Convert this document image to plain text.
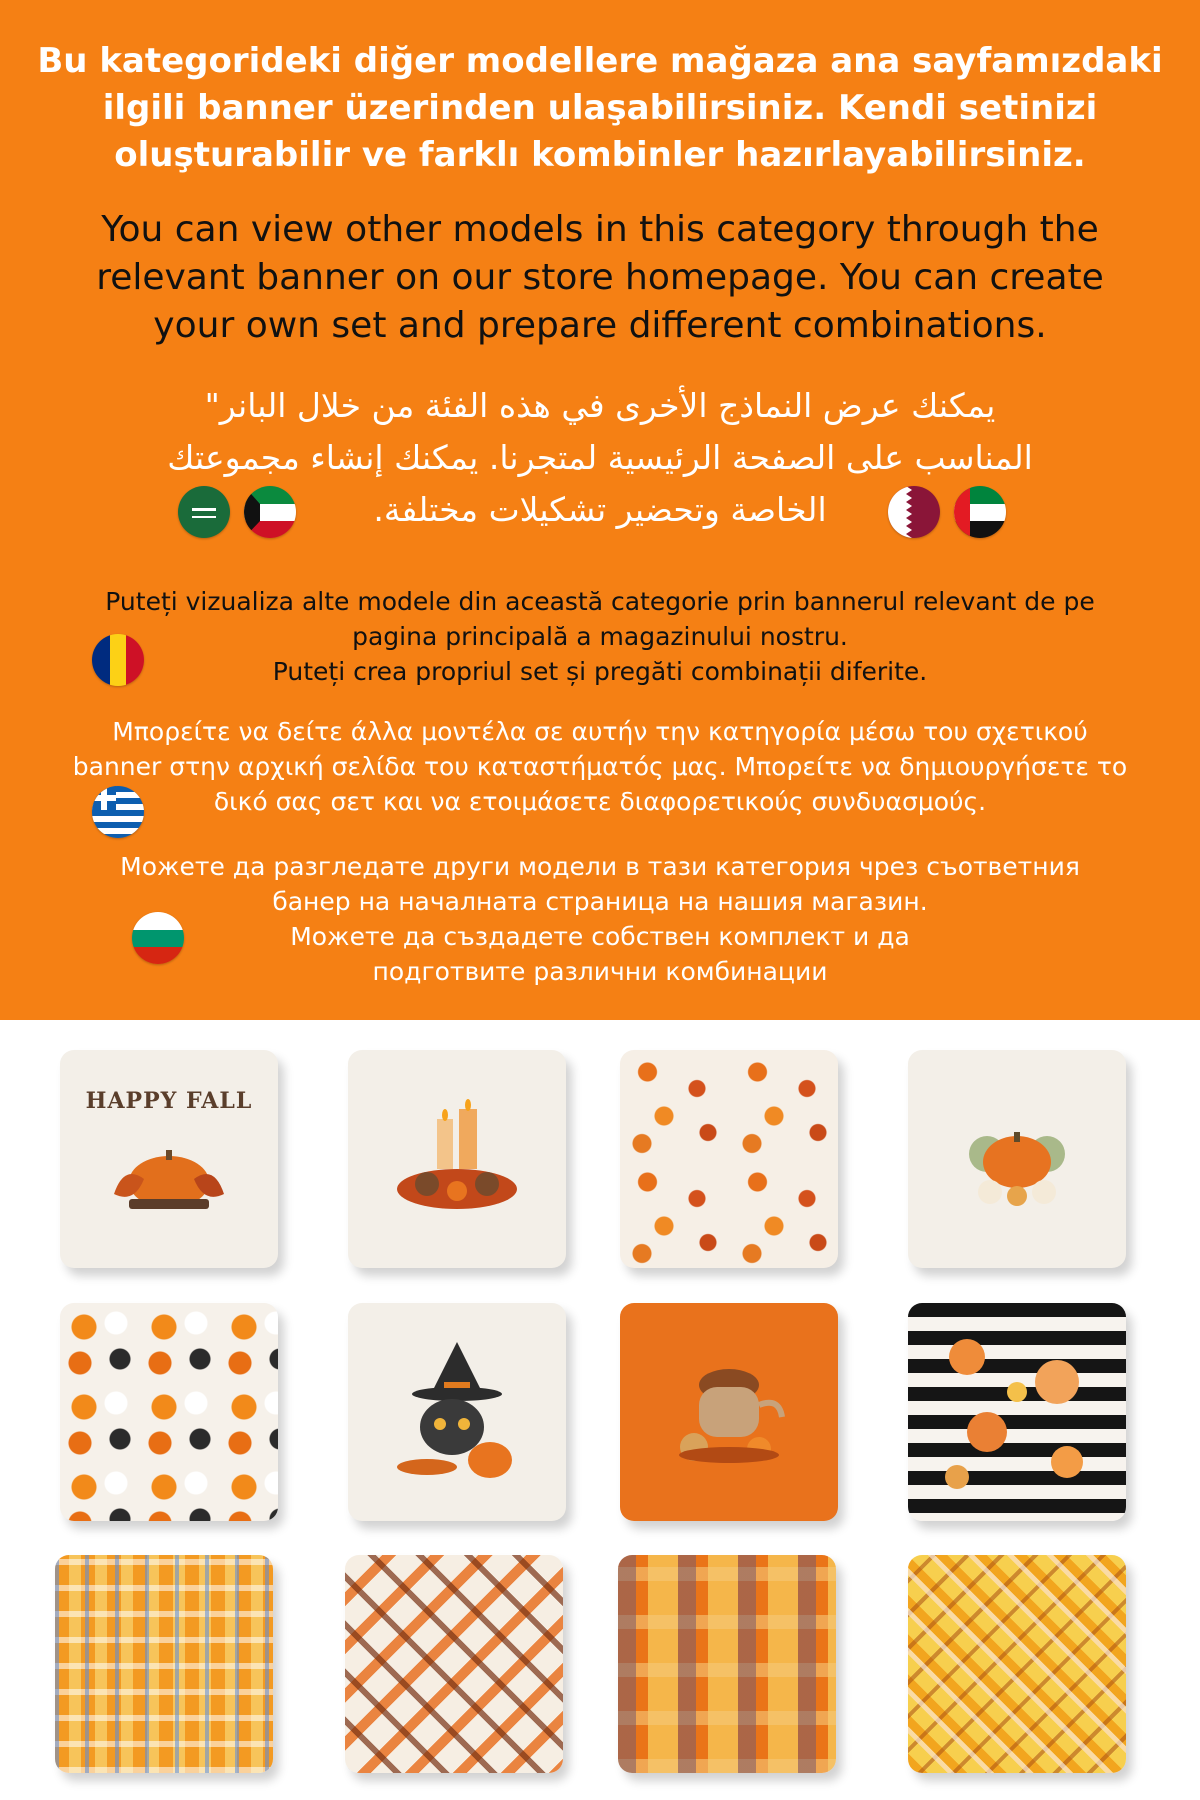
Bu kategorideki diğer modellere mağaza ana sayfamızdaki
ilgili banner üzerinden ulaşabilirsiniz. Kendi setinizi
oluşturabilir ve farklı kombinler hazırlayabilirsiniz.
You can view other models in this category through the
relevant banner on our store homepage. You can create
your own set and prepare different combinations.
يمكنك عرض النماذج الأخرى في هذه الفئة من خلال البانر"
المناسب على الصفحة الرئيسية لمتجرنا. يمكنك إنشاء مجموعتك
الخاصة وتحضير تشكيلات مختلفة.
Puteți vizualiza alte modele din această categorie prin bannerul relevant de pe
pagina principală a magazinului nostru.
Puteți crea propriul set și pregăti combinații diferite.
Μπορείτε να δείτε άλλα μοντέλα σε αυτήν την κατηγορία μέσω του σχετικού
banner στην αρχική σελίδα του καταστήματός μας. Μπορείτε να δημιουργήσετε το
δικό σας σετ και να ετοιμάσετε διαφορετικούς συνδυασμούς.
Можете да разгледате други модели в тази категория чрез съответния
банер на началната страница на нашия магазин.
Можете да създадете собствен комплект и да
подготвите различни комбинации
HAPPY FALL
